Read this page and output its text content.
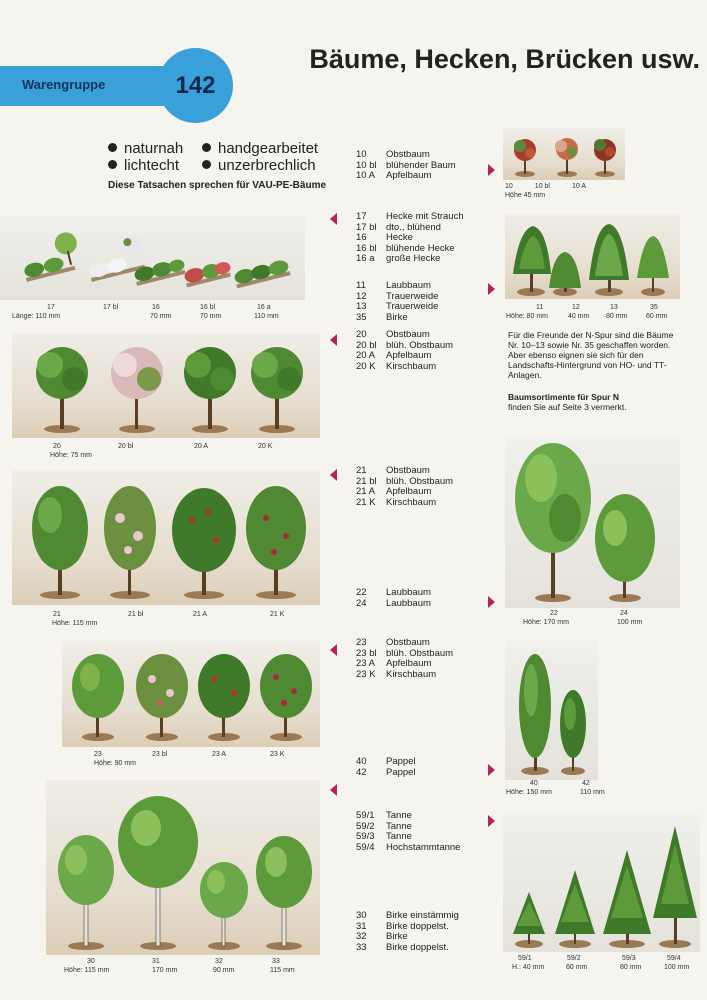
Warengruppe	142
Bäume, Hecken, Brücken usw.
naturnah
lichtecht
handgearbeitet
unzerbrechlich
Diese Tatsachen sprechen für VAU-PE-Bäume	10	10 bl	10 A
Höhe 45 mm
10 Obstbaum
10 bl blühender Baum
10 A Apfelbaum
17	17 bl	16	16 bl	16 a
Länge: 110 mm	70 mm	70 mm	110 mm
17 Hecke mit Strauch
17 bl dto., blühend
16 Hecke
16 bl blühende Hecke
16 a große Hecke
11	12	13	35
Höhe: 80 mm	40 mm 80 mm	60 mm
11 Laubbaum
12 Trauerweide
13 Trauerweide
35 Birke
Für die Freunde der N-Spur sind die Bäume Nr. 10–13 sowie Nr. 35 geschaffen worden. Aber ebenso eignen sie sich für den Landschafts-Hintergrund von HO- und TT-Anlagen.
Baumsortimente für Spur N
finden Sie auf Seite 3 vermerkt.
20	20 bl	20 A	20 K
Höhe: 75 mm
20 Obstbaum
20 bl blüh. Obstbaum
20 A Apfelbaum
20 K Kirschbaum
21	21 bl	21 A	21 K
Höhe: 115 mm
21 Obstbaum
21 bl blüh. Obstbaum
21 A Apfelbaum
21 K Kirschbaum
22	24
Höhe: 170 mm	100 mm
22 Laubbaum
24 Laubbaum
23	23 bl	23 A	23 K
Höhe: 90 mm
23 Obstbaum
23 bl blüh. Obstbaum
23 A Apfelbaum
23 K Kirschbaum
40	42
Höhe: 150 mm	110 mm
40 Pappel
42 Pappel
30	31	32	33
Höhe: 115 mm	170 mm	90 mm	115 mm
59/1 Tanne
59/2 Tanne
59/3 Tanne
59/4 Hochstammtanne
30 Birke einstämmig
31 Birke doppelst.
32 Birke
33 Birke doppelst.
59/1	59/2	59/3	59/4
H.: 40 mm	60 mm	80 mm	100 mm
